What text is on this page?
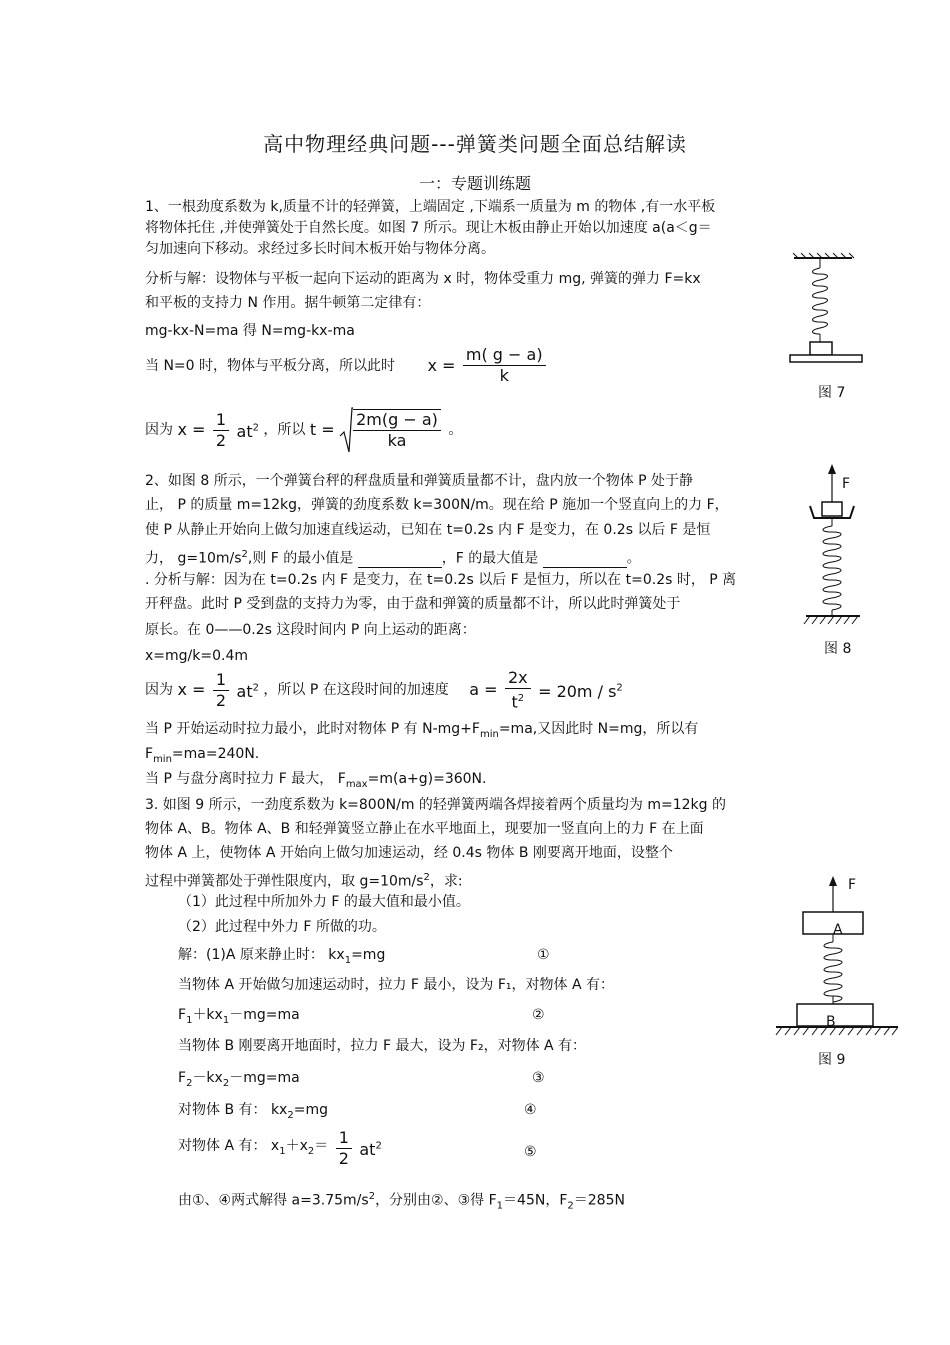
高中物理经典问题---弹簧类问题全面总结解读
一：专题训练题
1、一根劲度系数为 k,质量不计的轻弹簧，上端固定 ,下端系一质量为 m 的物体 ,有一水平板
将物体托住 ,并使弹簧处于自然长度。如图 7 所示。现让木板由静止开始以加速度 a(a＜g＝
匀加速向下移动。求经过多长时间木板开始与物体分离。
分析与解：设物体与平板一起向下运动的距离为 x 时，物体受重力 mg, 弹簧的弹力 F=kx
和平板的支持力 N 作用。据牛顿第二定律有：
mg-kx-N=ma 得 N=mg-kx-ma
当 N=0 时，物体与平板分离，所以此时 $x = \frac{m( g - a)}{k}$
因为 $x = \frac{1}{2} at^2$ ，所以 $t = \frac{2m(g - a)}{ka}$ 。
2、如图 8 所示，一个弹簧台秤的秤盘质量和弹簧质量都不计，盘内放一个物体 P 处于静
止， P 的质量 m=12kg，弹簧的劲度系数 k=300N/m。现在给 P 施加一个竖直向上的力 F，
使 P 从静止开始向上做匀加速直线运动，已知在 t=0.2s 内 F 是变力，在 0.2s 以后 F 是恒
力， $g=10m/s^2$,则 F 的最小值是	，F 的最大值是	。
. 分析与解：因为在 t=0.2s 内 F 是变力，在 t=0.2s 以后 F 是恒力，所以在 t=0.2s 时， P 离
开秤盘。此时 P 受到盘的支持力为零，由于盘和弹簧的质量都不计，所以此时弹簧处于
原长。在 0——0.2s 这段时间内 P 向上运动的距离：
x=mg/k=0.4m
因为 $x = \frac{1}{2} at^2$ ，所以 P 在这段时间的加速度 $a = \frac{2x}{t^2} = 20m / s^2$
当 P 开始运动时拉力最小，此时对物体 P 有 $N-mg+F_{min}=ma$,又因此时 N=mg，所以有
$F_{min}=ma=240N$.
当 P 与盘分离时拉力 F 最大， $F_{max}=m(a+g)=360N$.
3. 如图 9 所示，一劲度系数为 k=800N/m 的轻弹簧两端各焊接着两个质量均为 m=12kg 的
物体 A、B。物体 A、B 和轻弹簧竖立静止在水平地面上，现要加一竖直向上的力 F 在上面
物体 A 上，使物体 A 开始向上做匀加速运动，经 0.4s 物体 B 刚要离开地面，设整个
过程中弹簧都处于弹性限度内，取 $g=10m/s^2$，求:
（1）此过程中所加外力 F 的最大值和最小值。
（2）此过程中外力 F 所做的功。
解：(1)A 原来静止时： $kx_1=mg$	①
当物体 A 开始做匀加速运动时，拉力 F 最小，设为 F₁，对物体 A 有：
$F_1+kx_1-mg=ma$	②
当物体 B 刚要离开地面时，拉力 F 最大，设为 F₂，对物体 A 有：
$F_2-kx_2-mg=ma$	③
对物体 B 有： $kx_2=mg$	④
对物体 A 有： $x_1+x_2= \frac{1}{2} at^2$	⑤
由①、④两式解得 $a=3.75m/s^2$，分别由②、③得 $F_1=45N$，$F_2=285N$
图 7
F
图 8
F
A
B
图 9
